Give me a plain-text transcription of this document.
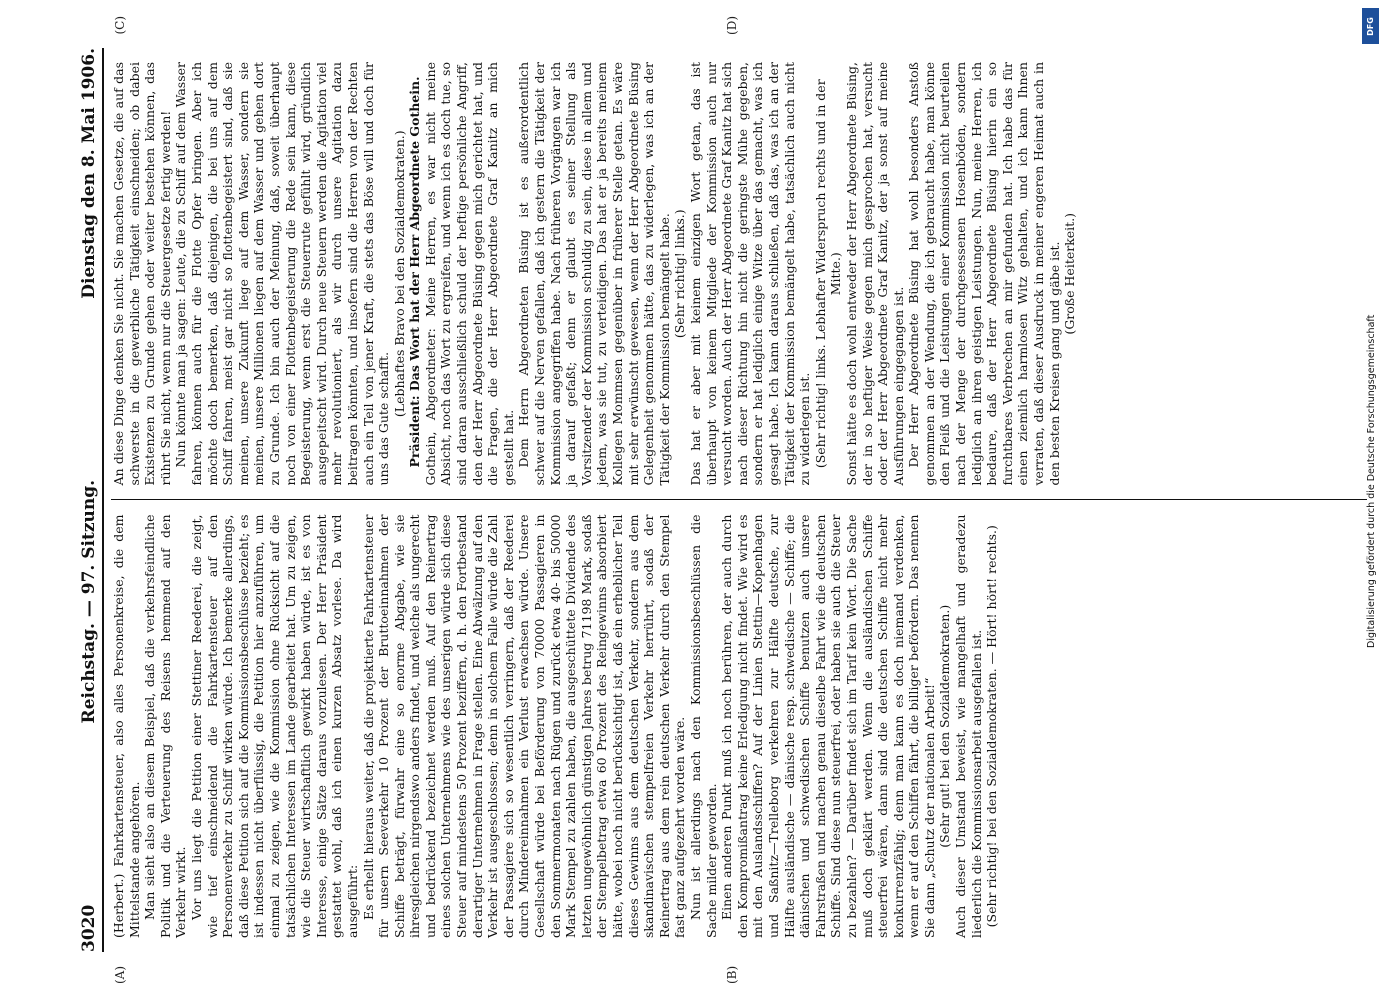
3020
Reichstag. — 97. Sitzung.
Dienstag den 8. Mai 1906.
(A)	(B)
(C)	(D)

(Herbert.) Fahrkartensteuer, also alles Personenkreise, die dem Mittelstande angehören. Man sieht also an diesem Beispiel, daß die verkehrsfeindliche Politik und die Verteuerung des Reisens hemmend auf den Verkehr wirkt. Vor uns liegt die Petition einer Stettiner Reederei, die zeigt, wie tief einschneidend die Fahrkartensteuer auf den Personenverkehr zu Schiff wirken würde. Ich bemerke allerdings, daß diese Petition sich auf die Kommissionsbeschlüsse bezieht; es ist indessen nicht überflüssig, die Petition hier anzuführen, um einmal zu zeigen, wie die Kommission ohne Rücksicht auf die tatsächlichen Interessen im Lande gearbeitet hat. Um zu zeigen, wie die Steuer wirtschaftlich gewirkt haben würde, ist es von Interesse, einige Sätze daraus vorzulesen. Der Herr Präsident gestattet wohl, daß ich einen kurzen Absatz vorlese. Da wird ausgeführt: Es erhellt hieraus weiter, daß die projektierte Fahrkartensteuer für unsern Seeverkehr 10 Prozent der Bruttoeinnahmen der Schiffe beträgt, fürwahr eine so enorme Abgabe, wie sie ihresgleichen nirgendswo anders findet, und welche als ungerecht und bedrückend bezeichnet werden muß. Auf den Reinertrag eines solchen Unternehmens wie des unserigen würde sich diese Steuer auf mindestens 50 Prozent beziffern, d. h. den Fortbestand derartiger Unternehmen in Frage stellen. Eine Abwälzung auf den Verkehr ist ausgeschlossen; denn in solchem Falle würde die Zahl der Passagiere sich so wesentlich verringern, daß der Reederei durch Mindereinnahmen ein Verlust erwachsen würde. Unsere Gesellschaft würde bei Beförderung von 70000 Passagieren in den Sommermonaten nach Rügen und zurück etwa 40- bis 50000 Mark Stempel zu zahlen haben, die ausgeschüttete Dividende des letzten ungewöhnlich günstigen Jahres betrug 71198 Mark, sodaß der Stempelbetrag etwa 60 Prozent des Reingewinns absorbiert hätte, wobei noch nicht berücksichtigt ist, daß ein erheblicher Teil dieses Gewinns aus dem deutschen Verkehr, sondern aus dem skandinavischen stempelfreien Verkehr herrührt, sodaß der Reinertrag aus dem rein deutschen Verkehr durch den Stempel fast ganz aufgezehrt worden wäre. Nun ist allerdings nach den Kommissionsbeschlüssen die Sache milder geworden. Einen anderen Punkt muß ich noch berühren, der auch durch den Kompromißantrag keine Erledigung nicht findet. Wie wird es mit den Auslandsschiffen? Auf der Linien Stettin—Kopenhagen und Saßnitz—Trelleborg verkehren zur Hälfte deutsche, zur Hälfte ausländische — dänische resp. schwedische — Schiffe; die dänischen und schwedischen Schiffe benutzen auch unsere Fahrstraßen und machen genau dieselbe Fahrt wie die deutschen Schiffe. Sind diese nun steuerfrei, oder haben sie auch die Steuer zu bezahlen? — Darüber findet sich im Tarif kein Wort. Die Sache muß doch geklärt werden. Wenn die ausländischen Schiffe steuerfrei wären, dann sind die deutschen Schiffe nicht mehr konkurrenzfähig; denn man kann es doch niemand verdenken, wenn er auf den Schiffen fährt, die billiger befördern. Das nennen Sie dann „Schutz der nationalen Arbeit!“ (Sehr gut! bei den Sozialdemokraten.) Auch dieser Umstand beweist, wie mangelhaft und geradezu liederlich die Kommissionsarbeit ausgefallen ist. (Sehr richtig! bei den Sozialdemokraten. — Hört! hört! rechts.)

An diese Dinge denken Sie nicht. Sie machen Gesetze, die auf das schwerste in die gewerbliche Tätigkeit einschneiden; ob dabei Existenzen zu Grunde gehen oder weiter bestehen können, das rührt Sie nicht, wenn nur die Steuergesetze fertig werden! Nun könnte man ja sagen: Leute, die zu Schiff auf dem Wasser fahren, können auch für die Flotte Opfer bringen. Aber ich möchte doch bemerken, daß diejenigen, die bei uns auf dem Schiff fahren, meist gar nicht so flottenbegeistert sind, daß sie meinen, unsere Zukunft liege auf dem Wasser, sondern sie meinen, unsere Millionen liegen auf dem Wasser und gehen dort zu Grunde. Ich bin auch der Meinung, daß, soweit überhaupt noch von einer Flottenbegeisterung die Rede sein kann, diese Begeisterung, wenn erst die Steuerrute gefühlt wird, gründlich ausgepeitscht wird. Durch neue Steuern werden die Agitation viel mehr revolutioniert, als wir durch unsere Agitation dazu beitragen könnten, und insofern sind die Herren von der Rechten auch ein Teil von jener Kraft, die stets das Böse will und doch für uns das Gute schafft.

(Lebhaftes Bravo bei den Sozialdemokraten.) Präsident: Das Wort hat der Herr Abgeordnete Gothein. Gothein, Abgeordneter: Meine Herren, es war nicht meine Absicht, noch das Wort zu ergreifen, und wenn ich es doch tue, so sind daran ausschließlich schuld der heftige persönliche Angriff, den der Herr Abgeordnete Büsing gegen mich gerichtet hat, und die Fragen, die der Herr Abgeordnete Graf Kanitz an mich gestellt hat. Dem Herrn Abgeordneten Büsing ist es außerordentlich schwer auf die Nerven gefallen, daß ich gestern die Tätigkeit der Kommission angegriffen habe. Nach früheren Vorgängen war ich ja darauf gefaßt; denn er glaubt es seiner Stellung als Vorsitzender der Kommission schuldig zu sein, diese in allem und jedem, was sie tut, zu verteidigen. Das hat er ja bereits meinem Kollegen Mommsen gegenüber in früherer Stelle getan. Es wäre mit sehr erwünscht gewesen, wenn der Herr Abgeordnete Büsing Gelegenheit genommen hätte, das zu widerlegen, was ich an der Tätigkeit der Kommission bemängelt habe. (Sehr richtig! links.) Das hat er aber mit keinem einzigen Wort getan, das ist überhaupt von keinem Mitgliede der Kommission auch nur versucht worden. Auch der Herr Abgeordnete Graf Kanitz hat sich nach dieser Richtung hin nicht die geringste Mühe gegeben, sondern er hat lediglich einige Witze über das gemacht, was ich gesagt habe. Ich kann daraus schließen, daß das, was ich an der Tätigkeit der Kommission bemängelt habe, tatsächlich auch nicht zu widerlegen ist. (Sehr richtig! links. Lebhafter Widerspruch rechts und in der Mitte.) Sonst hätte es doch wohl entweder der Herr Abgeordnete Büsing, der in so heftiger Weise gegen mich gesprochen hat, versucht oder der Herr Abgeordnete Graf Kanitz, der ja sonst auf meine Ausführungen eingegangen ist. Der Herr Abgeordnete Büsing hat wohl besonders Anstoß genommen an der Wendung, die ich gebraucht habe, man könne den Fleiß und die Leistungen einer Kommission nicht beurteilen nach der Menge der durchgesessenen Hosenböden, sondern lediglich an ihren geistigen Leistungen. Nun, meine Herren, ich bedaure, daß der Herr Abgeordnete Büsing hierin ein so furchtbares Verbrechen an mir gefunden hat. Ich habe das für einen ziemlich harmlosen Witz gehalten, und ich kann Ihnen verraten, daß dieser Ausdruck in meiner engeren Heimat auch in den besten Kreisen gang und gäbe ist. (Große Heiterkeit.)

DFG
Digitalisierung gefördert durch die Deutsche Forschungsgemeinschaft
